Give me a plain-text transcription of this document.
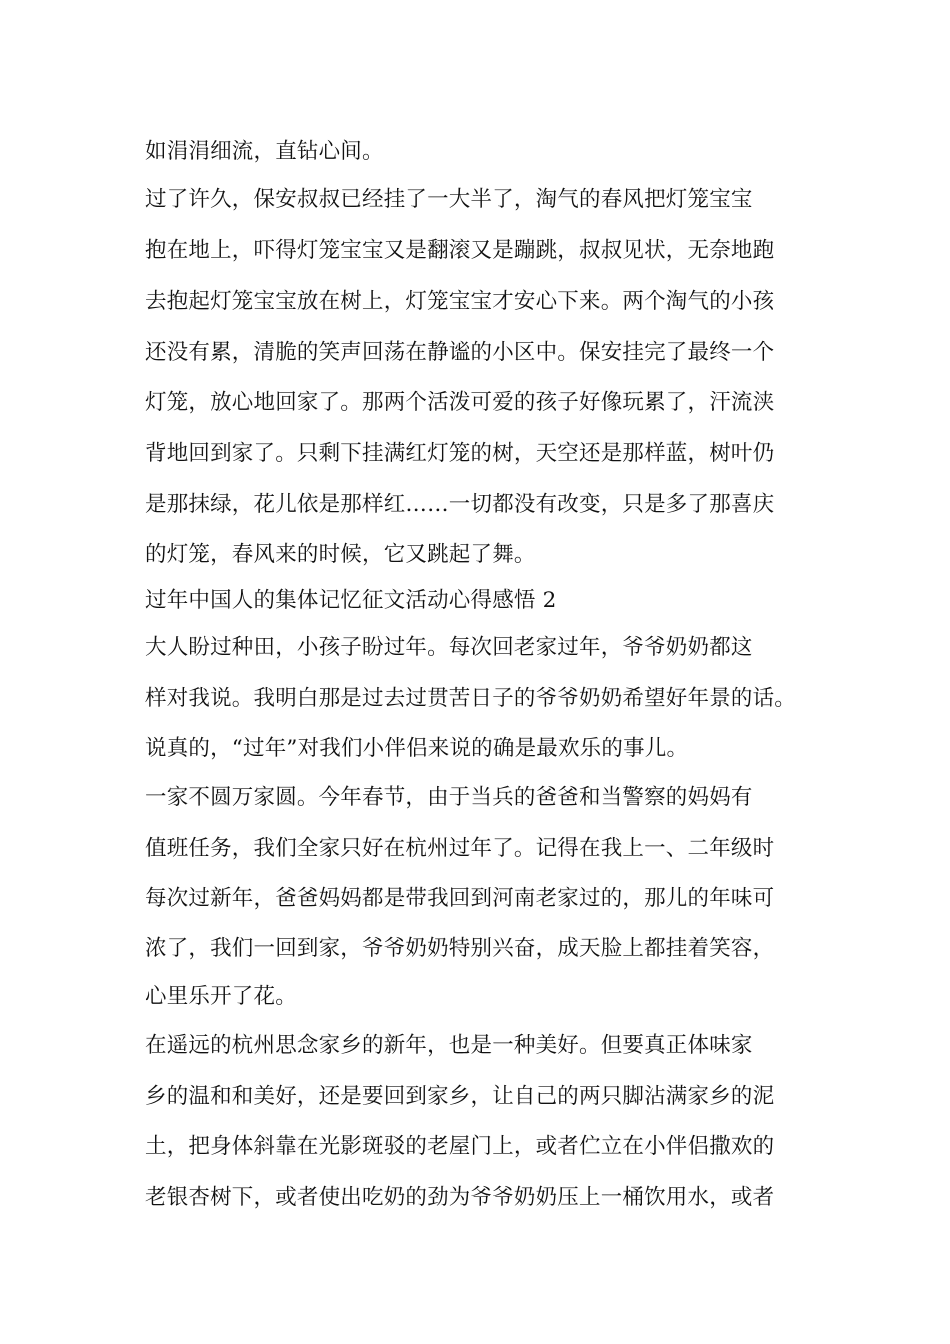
如涓涓细流，直钻心间。
过了许久，保安叔叔已经挂了一大半了，淘气的春风把灯笼宝宝
抱在地上，吓得灯笼宝宝又是翻滚又是蹦跳，叔叔见状，无奈地跑
去抱起灯笼宝宝放在树上，灯笼宝宝才安心下来。两个淘气的小孩
还没有累，清脆的笑声回荡在静谧的小区中。保安挂完了最终一个
灯笼，放心地回家了。那两个活泼可爱的孩子好像玩累了，汗流浃
背地回到家了。只剩下挂满红灯笼的树，天空还是那样蓝，树叶仍
是那抹绿，花儿依是那样红……一切都没有改变，只是多了那喜庆
的灯笼，春风来的时候，它又跳起了舞。
过年中国人的集体记忆征文活动心得感悟 2
大人盼过种田，小孩子盼过年。每次回老家过年，爷爷奶奶都这
样对我说。我明白那是过去过贯苦日子的爷爷奶奶希望好年景的话。
说真的，“过年”对我们小伴侣来说的确是最欢乐的事儿。
一家不圆万家圆。今年春节，由于当兵的爸爸和当警察的妈妈有
值班任务，我们全家只好在杭州过年了。记得在我上一、二年级时
每次过新年，爸爸妈妈都是带我回到河南老家过的，那儿的年味可
浓了，我们一回到家，爷爷奶奶特别兴奋，成天脸上都挂着笑容，
心里乐开了花。
在遥远的杭州思念家乡的新年，也是一种美好。但要真正体味家
乡的温和和美好，还是要回到家乡，让自己的两只脚沾满家乡的泥
土，把身体斜靠在光影斑驳的老屋门上，或者伫立在小伴侣撒欢的
老银杏树下，或者使出吃奶的劲为爷爷奶奶压上一桶饮用水，或者
